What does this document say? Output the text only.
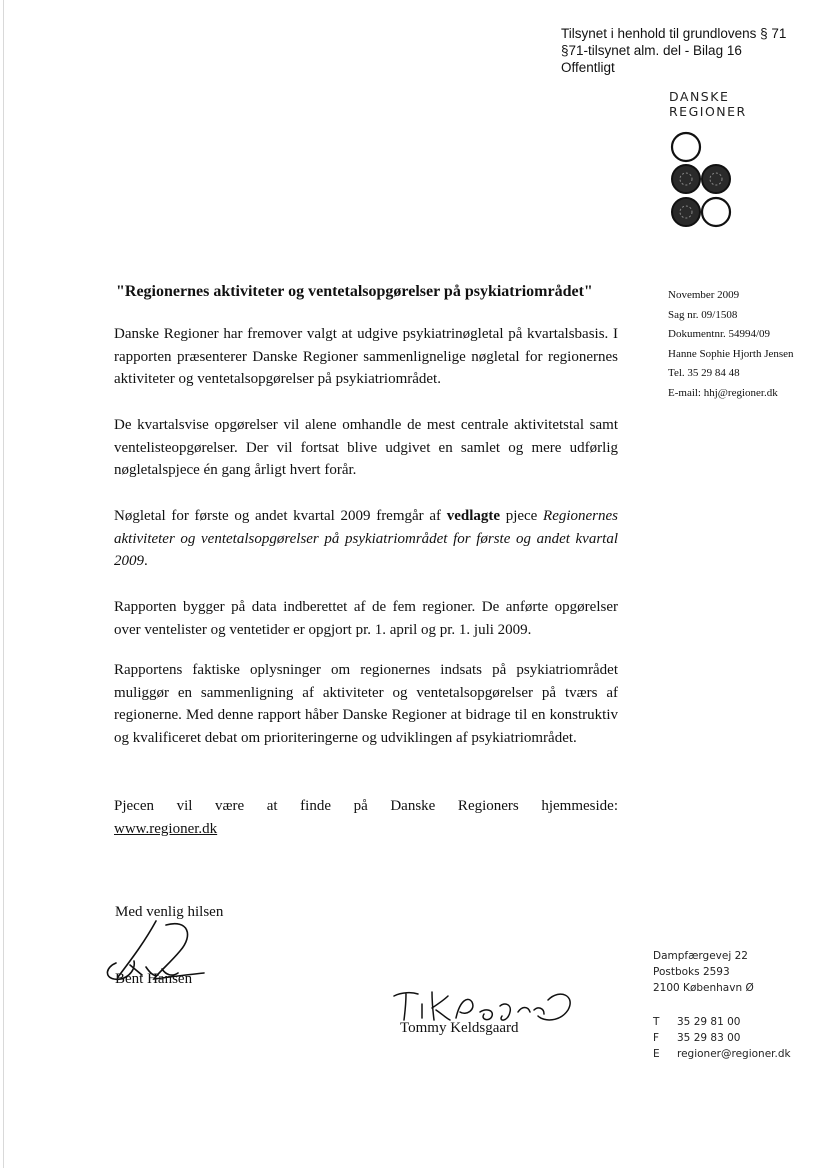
Tilsynet i henhold til grundlovens § 71
§71-tilsynet alm. del - Bilag 16
Offentligt
DANSKE
REGIONER
"Regionernes aktiviteter og ventetalsopgørelser på psykiatriområdet"	November 2009
Sag nr. 09/1508
Dokumentnr. 54994/09
Hanne Sophie Hjorth Jensen
Tel. 35 29 84 48
E-mail: hhj@regioner.dk

Danske Regioner har fremover valgt at udgive psykiatrinøgletal på kvartalsbasis. I rapporten præsenterer Danske Regioner sammenlignelige nøgletal for regionernes aktiviteter og ventetalsopgørelser på psykiatriområdet.

De kvartalsvise opgørelser vil alene omhandle de mest centrale aktivitetstal samt ventelisteopgørelser. Der vil fortsat blive udgivet en samlet og mere udførlig nøgletalspjece én gang årligt hvert forår.

Nøgletal for første og andet kvartal 2009 fremgår af vedlagte pjece Regionernes aktiviteter og ventetalsopgørelser på psykiatriområdet for første og andet kvartal 2009.

Rapporten bygger på data indberettet af de fem regioner. De anførte opgørelser over ventelister og ventetider er opgjort pr. 1. april og pr. 1. juli 2009.

Rapportens faktiske oplysninger om regionernes indsats på psykiatriområdet muliggør en sammenligning af aktiviteter og ventetalsopgørelser på tværs af regionerne. Med denne rapport håber Danske Regioner at bidrage til en konstruktiv og kvalificeret debat om prioriteringerne og udviklingen af psykiatriområdet.

Pjecen vil være at finde på Danske Regioners hjemmeside:

www.regioner.dk

Med venlig hilsen
Bent Hansen
Tommy Keldsgaard
Dampfærgevej 22
Postboks 2593
2100 København Ø
T 35 29 81 00
F 35 29 83 00
E regioner@regioner.dk
